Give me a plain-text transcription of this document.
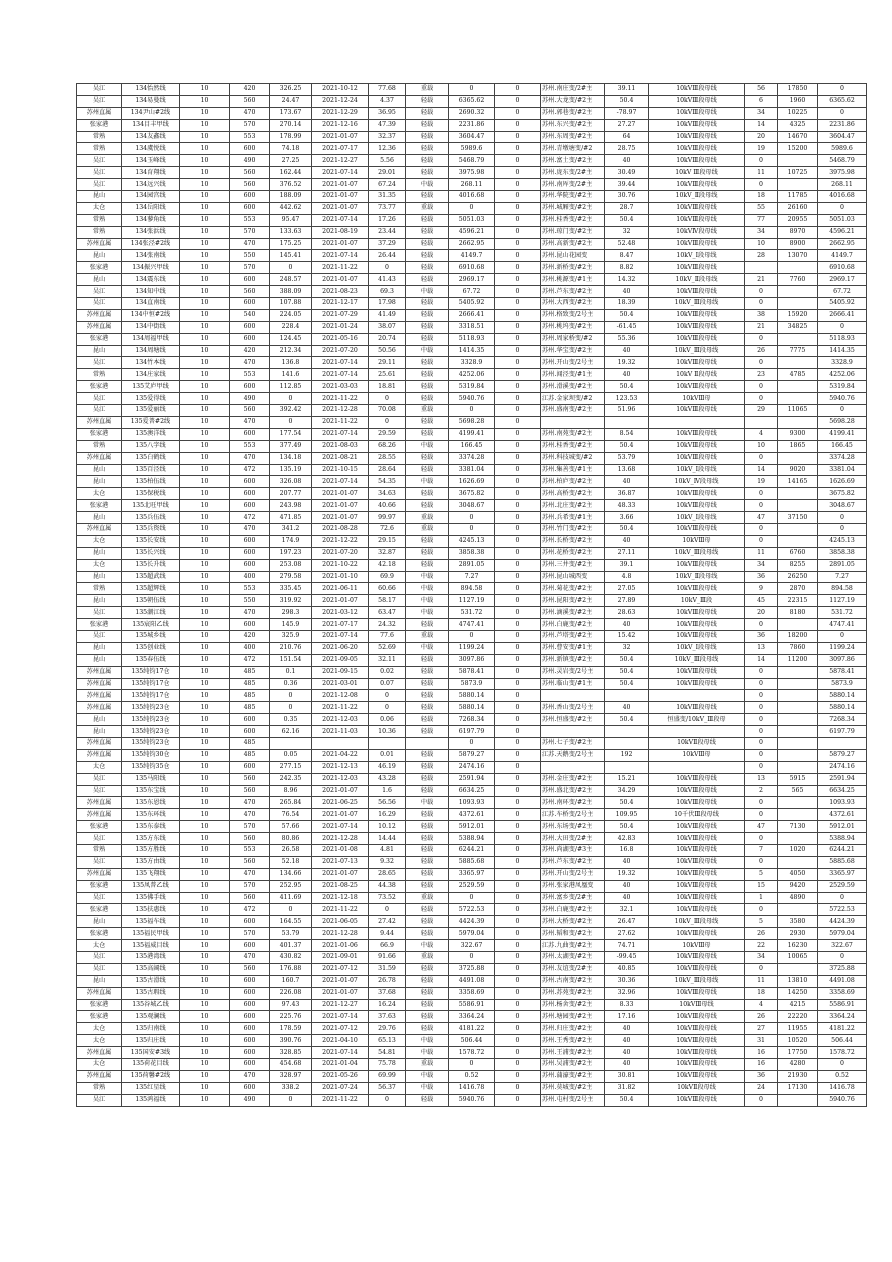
吴江	134怡然线	10	420	326.25	2021-10-12	77.68	重载	0	0	苏州.南庄变/2#主	39.11	10kVⅢ段母线	56	17850	0
吴江	134易曼线	10	560	24.47	2021-12-24	4.37	轻载	6365.62	0	苏州.大龙变/#2主	50.4	10kVⅢ段母线	6	1960	6365.62
苏州直属	134尹山#2线	10	470	173.67	2021-12-29	36.95	轻载	2690.32	0	苏州.郭巷变/#2主	-78.97	10kVⅢ段母线	34	10225	0
张家港	134目丰甲线	10	570	270.14	2021-12-16	47.39	轻载	2231.86	0	苏州.东兴变/#2主	27.27	10kVⅢ段母线	14	4325	2231.86
常熟	134友鑫线	10	553	178.99	2021-01-07	32.37	轻载	3604.47	0	苏州.东周变/#2主	64	10kVⅢ段母线	20	14670	3604.47
常熟	134虞悦线	10	600	74.18	2021-07-17	12.36	轻载	5989.6	0	苏州.青墩塘变/#2	28.75	10kVⅢ段母线	19	15200	5989.6
吴江	134玉峰线	10	490	27.25	2021-12-27	5.56	轻载	5468.79	0	苏州.富土变/#2主	40	10kVⅢ段母线	0		5468.79
吴江	134育翔线	10	560	162.44	2021-07-14	29.01	轻载	3975.98	0	苏州.庞东变/2#主	30.49	10kV Ⅲ段母线	11	10725	3975.98
吴江	134远兴线	10	560	376.52	2021-01-07	67.24	中载	268.11	0	苏州.南厍变/2#主	39.44	10kVⅢ段母线	0		268.11
昆山	134园宫线	10	600	188.09	2021-01-07	31.35	轻载	4016.68	0	苏州.华院变/#2主	30.76	10kV_Ⅱ段母线	18	11785	4016.68
太仓	134岳阳线	10	600	442.62	2021-01-07	73.77	重载	0	0	苏州.城厢变/#2主	28.7	10kVⅢ段母线	55	26160	0
常熟	134蓼角线	10	553	95.47	2021-07-14	17.26	轻载	5051.03	0	苏州.桂香变/#2主	50.4	10kVⅢ段母线	77	20955	5051.03
常熟	134张浜线	10	570	133.63	2021-08-19	23.44	轻载	4596.21	0	苏州.琼门变/#2主	32	10kVⅣ段母线	34	8970	4596.21
苏州直属	134张泾#2线	10	470	175.25	2021-01-07	37.29	轻载	2662.95	0	苏州.高新变/#2主	52.48	10kVⅢ段母线	10	8900	2662.95
昆山	134张南线	10	550	145.41	2021-07-14	26.44	轻载	4149.7	0	苏州.昆山花园变	8.47	10kV_Ⅰ段母线	28	13070	4149.7
张家港	134振兴甲线	10	570	0	2021-11-22	0	轻载	6910.68	0	苏州.新桥变/#2主	8.82	10kVⅢ段母线			6910.68
昆山	134震东线	10	600	248.57	2021-01-07	41.43	轻载	2969.17	0	苏州.桃源变/#1主	14.32	10kV_Ⅱ段母线	21	7760	2969.17
吴江	134知中线	10	560	388.09	2021-08-23	69.3	中载	67.72	0	苏州.芦东变/#2主	40	10kVⅢ段母线	0		67.72
吴江	134直南线	10	600	107.88	2021-12-17	17.98	轻载	5405.92	0	苏州.大西变/#2主	18.39	10kV_Ⅲ段母线	0		5405.92
苏州直属	134中恒#2线	10	540	224.05	2021-07-29	41.49	轻载	2666.41	0	苏州.格致变/2号主	50.4	10kVⅢ段母线	38	15920	2666.41
苏州直属	134中街线	10	600	228.4	2021-01-24	38.07	轻载	3318.51	0	苏州.桃坞变/#2主	-61.45	10kVⅢ段母线	21	34825	0
张家港	134周福甲线	10	600	124.45	2021-05-16	20.74	轻载	5118.93	0	苏州.周家桥变/#2	55.36	10kVⅢ段母线	0		5118.93
昆山	134周塘线	10	420	212.34	2021-07-20	50.56	中载	1414.35	0	苏州.华宝变/#2主	40	10kV_Ⅲ段母线	26	7775	1414.35
吴江	134竹本线	10	470	136.8	2021-07-14	29.11	轻载	3328.9	0	苏州.开山变/2号主	19.32	10kVⅢ段母线	0		3328.9
常熟	134庄家线	10	553	141.6	2021-07-14	25.61	轻载	4252.06	0	苏州.闻泾变/#1主	40	10kV Ⅱ段母线	23	4785	4252.06
张家港	135艾庐甲线	10	600	112.85	2021-03-03	18.81	轻载	5319.84	0	苏州.滑溪变/#2主	50.4	10kVⅢ段母线	0		5319.84
吴江	135爱得线	10	490	0	2021-11-22	0	轻载	5940.76	0	江苏.金家坝变/#2	123.53	10kVⅢ母	0		5940.76
吴江	135爱丽线	10	560	392.42	2021-12-28	70.08	重载	0	0	苏州.盛南变/#2主	51.96	10kVⅢ段母线	29	11065	0
苏州直属	135爱普#2线	10	470	0	2021-11-22	0	轻载	5698.28	0						5698.28
张家港	135澳洋线	10	600	177.54	2021-07-14	29.59	轻载	4199.41	0	苏州.南苑变/#2主	8.54	10kVⅢ段母线	4	9300	4199.41
常熟	135八字线	10	553	377.49	2021-08-03	68.26	中载	166.45	0	苏州.桂香变/#2主	50.4	10kVⅢ段母线	10	1865	166.45
苏州直属	135白鹤线	10	470	134.18	2021-08-21	28.55	轻载	3374.28	0	苏州.科技城变/#2	53.79	10kVⅢ段母线	0		3374.28
昆山	135百泾线	10	472	135.19	2021-10-15	28.64	轻载	3381.04	0	苏州.集善变/#1主	13.68	10kV_Ⅰ段母线	14	9020	3381.04
昆山	135柏伍线	10	600	326.08	2021-07-14	54.35	中载	1626.69	0	苏州.柏庐变/#2主	40	10kV_Ⅳ段母线	19	14165	1626.69
太仓	135保税线	10	600	207.77	2021-01-07	34.63	轻载	3675.82	0	苏州.高桥变/#2主	36.87	10kVⅢ段母线	0		3675.82
张家港	135北旺甲线	10	600	243.98	2021-01-07	40.66	轻载	3048.67	0	苏州.北庄变/#2主	48.33	10kVⅢ段母线	0		3048.67
昆山	135兵伍线	10	472	471.85	2021-01-07	99.97	重载	0	0	苏州.兵希变/#1主	3.66	10kV_Ⅰ段母线	47	37150	0
苏州直属	135兵资线	10	470	341.2	2021-08-28	72.6	重载	0	0	苏州.竹门变/#2主	50.4	10kVⅢ段母线	0		0
太仓	135长安线	10	600	174.9	2021-12-22	29.15	轻载	4245.13	0	苏州.长桥变/#2主	40	10kVⅢ母	0		4245.13
昆山	135长兴线	10	600	197.23	2021-07-20	32.87	轻载	3858.38	0	苏州.花桥变/#2主	27.11	10kV_Ⅲ段母线	11	6760	3858.38
太仓	135长升线	10	600	253.08	2021-10-22	42.18	轻载	2891.05	0	苏州.三井变/#2主	39.1	10kVⅢ段母线	34	8255	2891.05
昆山	135超武线	10	400	279.58	2021-01-10	69.9	中载	7.27	0	苏州.昆山城西变	4.8	10kV_Ⅱ段母线	36	26250	7.27
常熟	135超辉线	10	553	335.45	2021-06-11	60.66	中载	894.58	0	苏州.菊花变/#2主	27.05	10kVⅢ段母线	9	2870	894.58
昆山	135朝伍线	10	550	319.92	2021-01-07	58.17	中载	1127.19	0	苏州.昆阳变/#2主	27.89	10kV_Ⅲ段	45	22315	1127.19
吴江	135潮江线	10	470	298.3	2021-03-12	63.47	中载	531.72	0	苏州.滴溪变/#2主	28.63	10kVⅢ段母线	20	8180	531.72
张家港	135宸阳乙线	10	600	145.9	2021-07-17	24.32	轻载	4747.41	0	苏州.白鹿变/#2主	40	10kVⅢ段母线	0		4747.41
吴江	135城乡线	10	420	325.9	2021-07-14	77.6	重载	0	0	苏州.芦塔变/#2主	15.42	10kVⅢ段母线	36	18200	0
昆山	135创业线	10	400	210.76	2021-06-20	52.69	中载	1199.24	0	苏州.曹安变/#1主	32	10kV_Ⅰ段母线	13	7860	1199.24
昆山	135春伍线	10	472	151.54	2021-09-05	32.11	轻载	3097.86	0	苏州.新镇变/#2主	50.4	10kV_Ⅲ段母线	14	11200	3097.86
苏州直属	135纯钧17仓	10	485	0.1	2021-09-15	0.02	轻载	5878.41	0	苏州.灵岩变/2号主	50.4	10kVⅢ段母线	0		5878.41
苏州直属	135纯钧17仓	10	485	0.36	2021-03-01	0.07	轻载	5873.9	0	苏州.临山变/#1主	50.4	10kVⅢ段母线	0		5873.9
苏州直属	135纯钧17仓	10	485	0	2021-12-08	0	轻载	5880.14	0				0		5880.14
苏州直属	135纯钧23仓	10	485	0	2021-11-22	0	轻载	5880.14	0	苏州.香山变/2号主	40	10kVⅢ段母线	0		5880.14
昆山	135纯钧23仓	10	600	0.35	2021-12-03	0.06	轻载	7268.34	0	苏州.恒盛变/#2主	50.4	恒盛变/10kV_Ⅲ段母	0		7268.34
昆山	135纯钧23仓	10	600	62.16	2021-11-03	10.36	轻载	6197.79	0				0		6197.79
苏州直属	135纯钧23仓	10	485					0	0	苏州.七子变/#2主		10kVⅡ段母线	0		
苏州直属	135纯钧30仓	10	485	0.05	2021-04-22	0.01	轻载	5879.27	0	江苏.天鹅变/2号主	192	10kVⅢ母	0		5879.27
太仓	135纯钧35仓	10	600	277.15	2021-12-13	46.19	轻载	2474.16	0				0		2474.16
吴江	135马阳线	10	560	242.35	2021-12-03	43.28	轻载	2591.94	0	苏州.金庄变/#2主	15.21	10kVⅢ段母线	13	5915	2591.94
吴江	135东宝线	10	560	8.96	2021-01-07	1.6	轻载	6634.25	0	苏州.盛北变/#2主	34.29	10kVⅢ段母线	2	565	6634.25
苏州直属	135东恩线	10	470	265.84	2021-06-25	56.56	中载	1093.93	0	苏州.南环变/#2主	50.4	10kVⅢ段母线	0		1093.93
苏州直属	135东环线	10	470	76.54	2021-01-07	16.29	轻载	4372.61	0	江苏.车桥变/2号主	109.95	10千伏Ⅲ段母线	0		4372.61
张家港	135东泰线	10	570	57.66	2021-07-14	10.12	轻载	5912.01	0	苏州.东场变/#2主	50.4	10kVⅢ段母线	47	7130	5912.01
吴江	135方东线	10	560	80.86	2021-12-28	14.44	轻载	5388.94	0	苏州.大田变/2#主	42.83	10kVⅢ段母线	0		5388.94
常熟	135方胜线	10	553	26.58	2021-01-08	4.81	轻载	6244.21	0	苏州.尚湖变/#3主	16.8	10kVⅢ段母线	7	1020	6244.21
吴江	135方由线	10	560	52.18	2021-07-13	9.32	轻载	5885.68	0	苏州.芦东变/#2主	40	10kVⅢ段母线	0		5885.68
苏州直属	135飞翔线	10	470	134.66	2021-01-07	28.65	轻载	3365.97	0	苏州.开山变/2号主	19.32	10kVⅢ段母线	5	4050	3365.97
张家港	135凤普乙线	10	570	252.95	2021-08-25	44.38	轻载	2529.59	0	苏州.张家港凤凰变	40	10kVⅢ段母线	15	9420	2529.59
吴江	135佛手线	10	560	411.69	2021-12-18	73.52	重载	0	0	苏州.富乡变/2#主	40	10kVⅢ段母线	1	4890	0
张家港	135扶惠线	10	472	0	2021-11-22	0	轻载	5722.53	0	苏州.白鹿变/#2主	32.1	10kVⅢ段母线	0		5722.53
昆山	135福车线	10	600	164.55	2021-06-05	27.42	轻载	4424.39	0	苏州.大桥变/#2主	26.47	10kV_Ⅲ段母线	5	3580	4424.39
张家港	135福民甲线	10	570	53.79	2021-12-28	9.44	轻载	5979.04	0	苏州.韬和变/#2主	27.62	10kVⅢ段母线	26	2930	5979.04
太仓	135福威目线	10	600	401.37	2021-01-06	66.9	中载	322.67	0	江苏.九曲变/#2主	74.71	10kVⅢ母	22	16230	322.67
吴江	135港湾线	10	470	430.82	2021-09-01	91.66	重载	0	0	苏州.太湖变/#2主	-99.45	10kVⅢ段母线	34	10065	0
吴江	135高阔线	10	560	176.88	2021-07-12	31.59	轻载	3725.88	0	苏州.友谊变/2#主	40.85	10kVⅢ段母线	0		3725.88
昆山	135古滑线	10	600	160.7	2021-01-07	26.78	轻载	4491.08	0	苏州.古南变/#2主	30.36	10kV_Ⅲ段母线	11	13810	4491.08
苏州直属	135古瑕线	10	600	226.08	2021-01-07	37.68	轻载	3358.69	0	苏州.苏苑变/#2主	32.96	10kVⅢ段母线	18	14250	3358.69
张家港	135谷城乙线	10	600	97.43	2021-12-27	16.24	轻载	5586.91	0	苏州.杨舍变/#2主	8.33	10kVⅢ母线	4	4215	5586.91
张家港	135观澜线	10	600	225.76	2021-07-14	37.63	轻载	3364.24	0	苏州.塘园变/#2主	17.16	10kVⅢ段母线	26	22220	3364.24
太仓	135归南线	10	600	178.59	2021-07-12	29.76	轻载	4181.22	0	苏州.归庄变/#2主	40	10kVⅢ段母线	27	11955	4181.22
太仓	135归庄线	10	600	390.76	2021-04-10	65.13	中载	506.44	0	苏州.王秀变/#2主	40	10kVⅢ段母线	31	10520	506.44
苏州直属	135国安#3线	10	600	328.85	2021-07-14	54.81	中载	1578.72	0	苏州.王浦变/#2主	40	10kVⅢ段母线	16	17750	1578.72
太仓	135荷花目线	10	600	454.68	2021-01-04	75.78	重载	0	0	苏州.吴浦变/#2主	40	10kVⅢ段母线	16	4280	0
苏州直属	135荷馨#2线	10	470	328.97	2021-05-26	69.99	中载	0.52	0	苏州.蒲濠变/#2主	30.81	10kVⅢ段母线	36	21930	0.52
常熟	135红星线	10	600	338.2	2021-07-24	56.37	中载	1416.78	0	苏州.莫城变/#2主	31.82	10kVⅡ段母线	24	17130	1416.78
吴江	135鸿福线	10	490	0	2021-11-22	0	轻载	5940.76	0	苏州.屯村变/2号主	50.4	10kVⅢ段母线	0		5940.76
